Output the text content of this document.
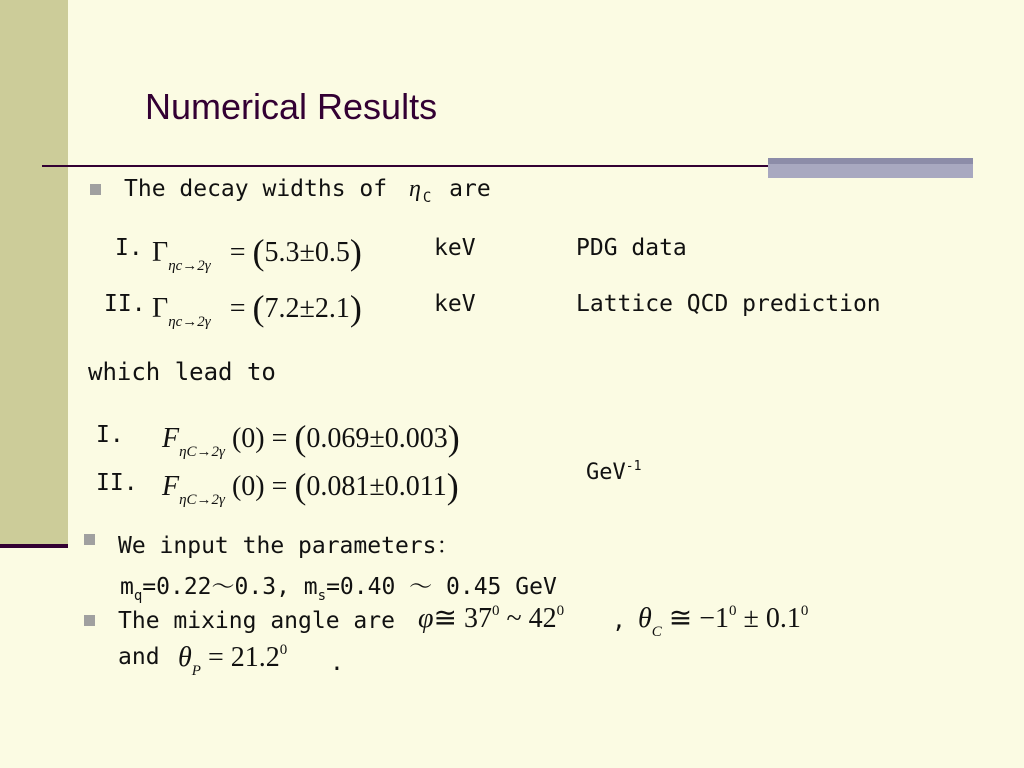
Numerical Results
The decay widths of η $_C$ are
I. $\Gamma_{\eta c\to 2\gamma} = (5.3\pm 0.5)$	keV	PDG data
II. $\Gamma_{\eta c\to 2\gamma} = (7.2\pm 2.1)$	keV	Lattice QCD prediction
which lead to
I. $F_{\eta C\to 2\gamma}$ (0) = (0.069±0.003)
II. $F_{\eta C\to 2\gamma}$ (0) = (0.081±0.011)	GeV$^{-1}$
We input the parameters：
$m_q=0.22\sim 0.3$, $m_s=0.40$ ～ 0.45 GeV
The mixing angle are φ≅ $37^0$ ~ $42^0$ , $\theta_C$ ≅ $-1^0 \pm 0.1^0$
and $\theta_P = 21.2^0$ .
